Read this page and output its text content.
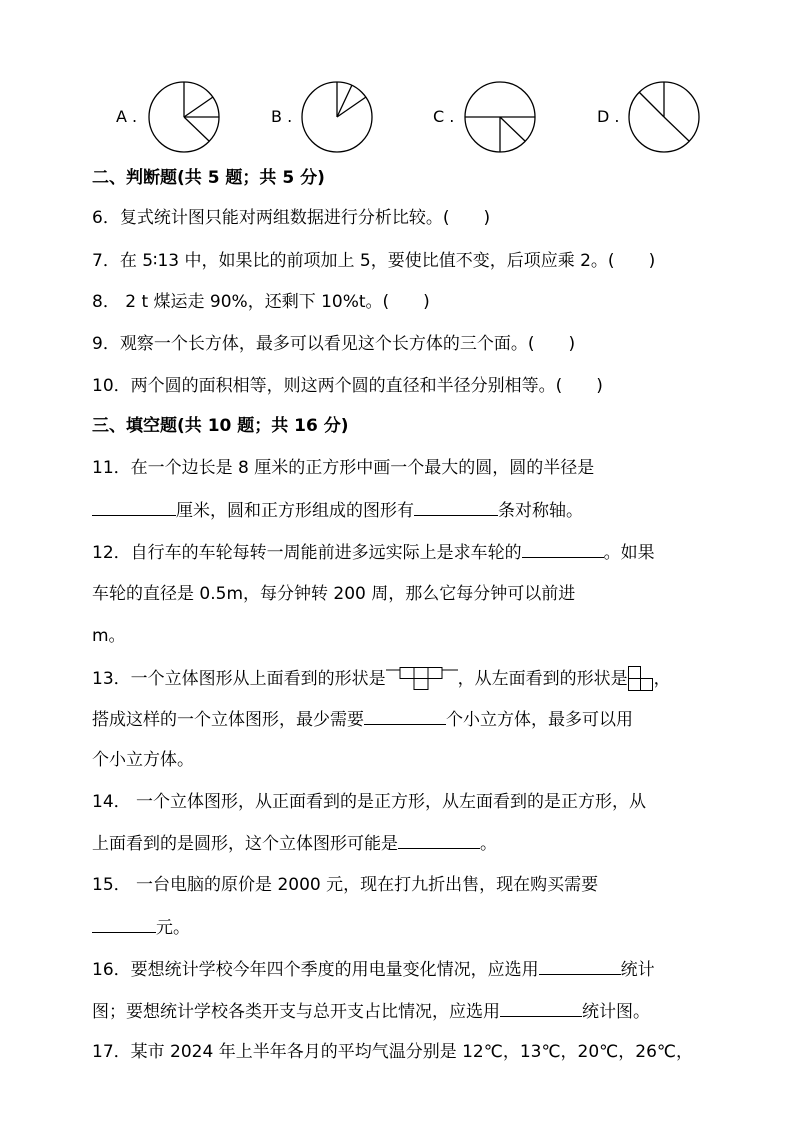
A .	B .	C .	D .
二、判断题(共 5 题；共 5 分)
6．复式统计图只能对两组数据进行分析比较。(　　)
7．在 5∶13 中，如果比的前项加上 5，要使比值不变，后项应乘 2。(　　)
8． 2 t 煤运走 90%，还剩下 10%t。(　　)
9．观察一个长方体，最多可以看见这个长方体的三个面。(　　)
10．两个圆的面积相等，则这两个圆的直径和半径分别相等。(　　)
三、填空题(共 10 题；共 16 分)
11．在一个边长是 8 厘米的正方形中画一个最大的圆，圆的半径是
厘米，圆和正方形组成的图形有	条对称轴。
12．自行车的车轮每转一周能前进多远实际上是求车轮的	。如果
车轮的直径是 0.5m，每分钟转 200 周，那么它每分钟可以前进
m。
13．一个立体图形从上面看到的形状是	，从左面看到的形状是 ，
搭成这样的一个立体图形，最少需要	个小立方体，最多可以用
个小立方体。
14． 一个立体图形，从正面看到的是正方形，从左面看到的是正方形，从
上面看到的是圆形，这个立体图形可能是	。
15． 一台电脑的原价是 2000 元，现在打九折出售，现在购买需要
元。
16．要想统计学校今年四个季度的用电量变化情况，应选用	统计
图；要想统计学校各类开支与总开支占比情况，应选用	统计图。
17．某市 2024 年上半年各月的平均气温分别是 12℃，13℃，20℃，26℃，
